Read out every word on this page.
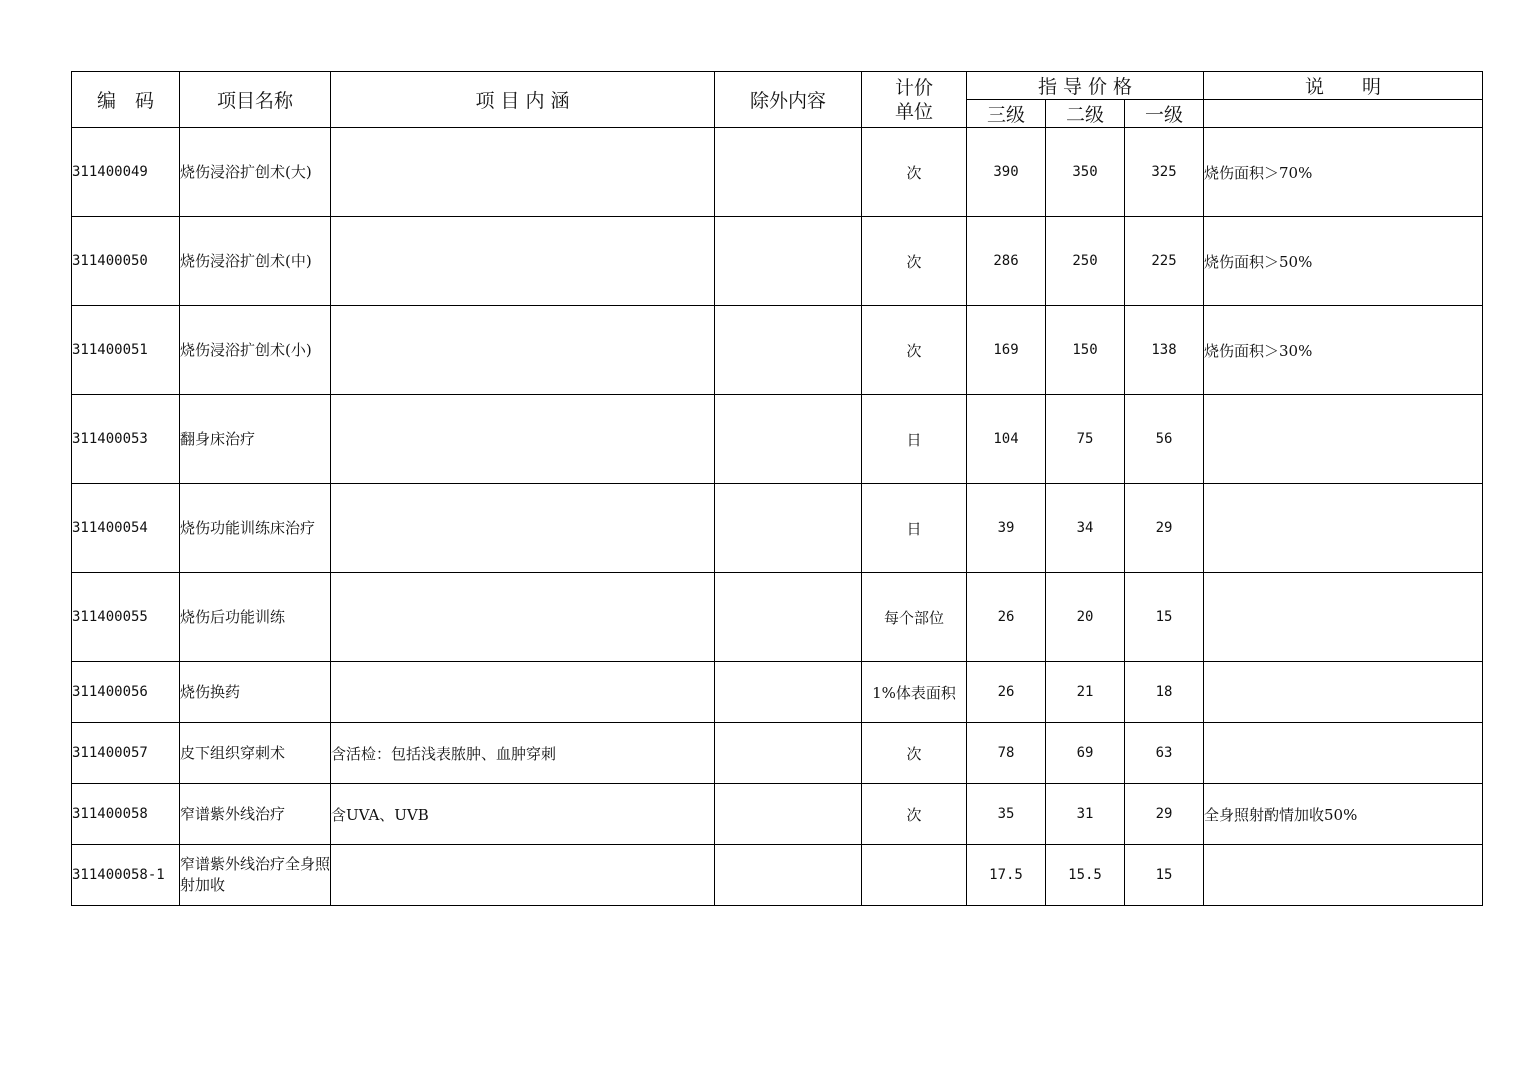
编　码	项目名称	项 目 内 涵	除外内容	计价单位	指 导 价 格			说　　明
					三级	二级	一级	
311400049	烧伤浸浴扩创术(大)			次	390	350	325	烧伤面积＞70%
311400050	烧伤浸浴扩创术(中)			次	286	250	225	烧伤面积＞50%
311400051	烧伤浸浴扩创术(小)			次	169	150	138	烧伤面积＞30%
311400053	翻身床治疗			日	104	75	56	
311400054	烧伤功能训练床治疗			日	39	34	29	
311400055	烧伤后功能训练			每个部位	26	20	15	
311400056	烧伤换药			1%体表面积	26	21	18	
311400057	皮下组织穿刺术	含活检：包括浅表脓肿、血肿穿刺		次	78	69	63	
311400058	窄谱紫外线治疗	含UVA、UVB		次	35	31	29	全身照射酌情加收50%
311400058-1	窄谱紫外线治疗全身照射加收				17.5	15.5	15	
